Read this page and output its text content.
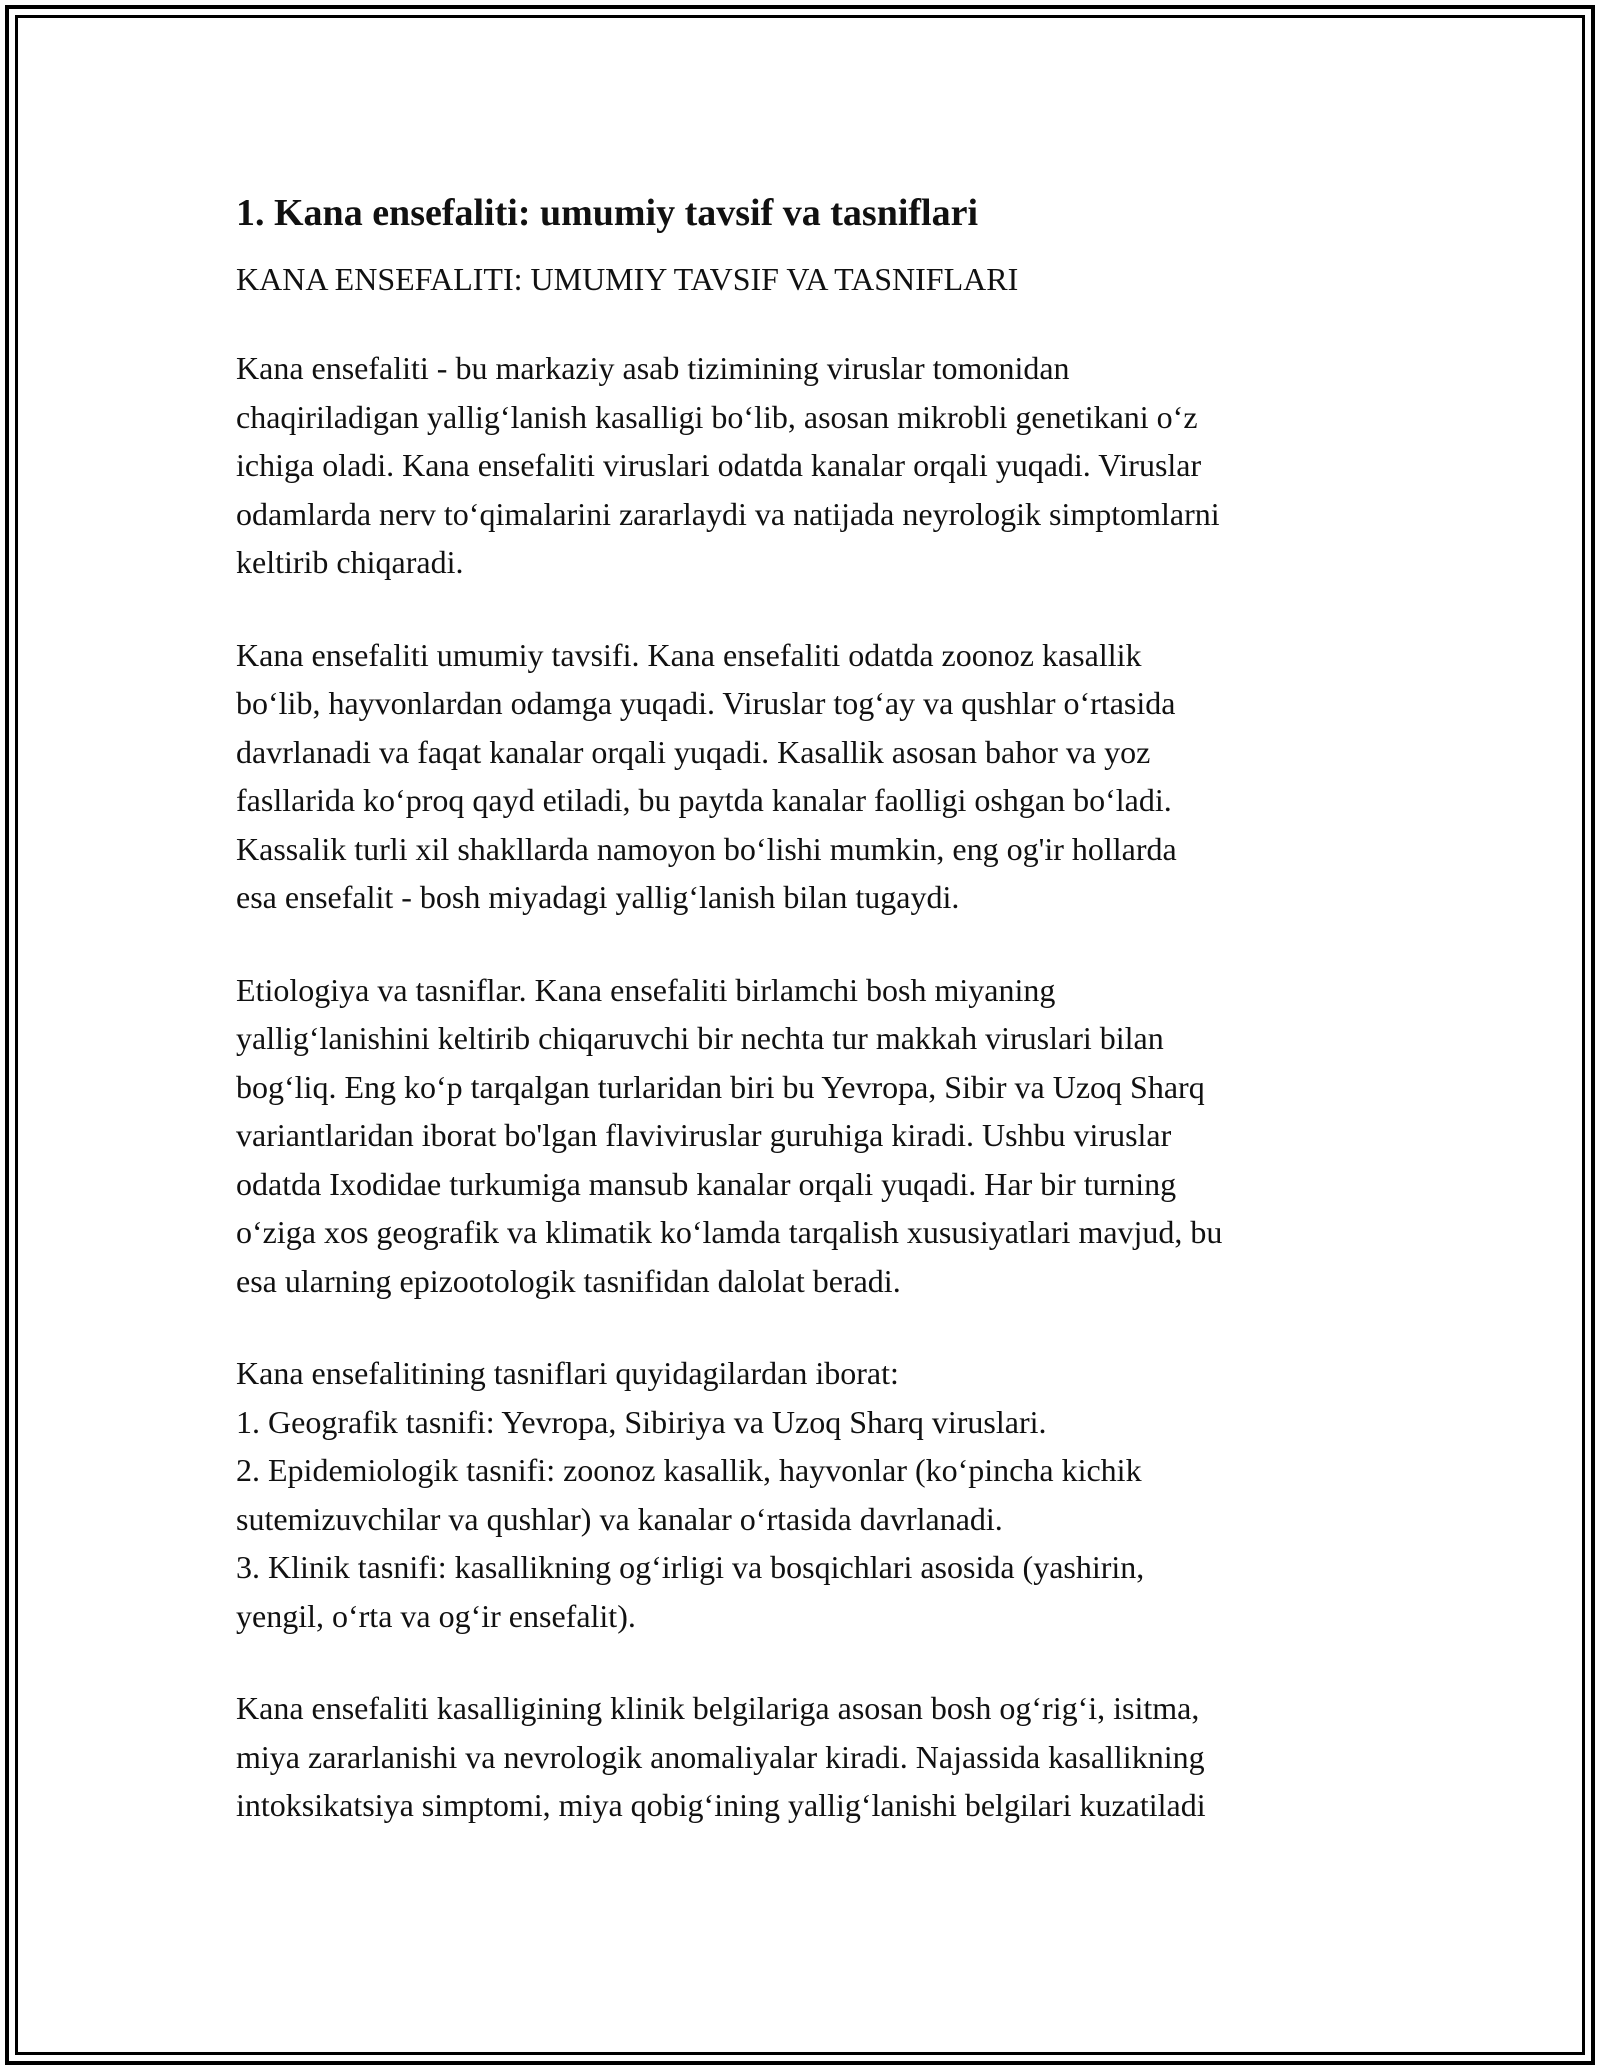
1. Kana ensefaliti: umumiy tavsif va tasniflari

KANA ENSEFALITI: UMUMIY TAVSIF VA TASNIFLARI

Kana ensefaliti - bu markaziy asab tizimining viruslar tomonidan
chaqiriladigan yallig‘lanish kasalligi bo‘lib, asosan mikrobli genetikani o‘z
ichiga oladi. Kana ensefaliti viruslari odatda kanalar orqali yuqadi. Viruslar
odamlarda nerv to‘qimalarini zararlaydi va natijada neyrologik simptomlarni
keltirib chiqaradi.

Kana ensefaliti umumiy tavsifi. Kana ensefaliti odatda zoonoz kasallik
bo‘lib, hayvonlardan odamga yuqadi. Viruslar tog‘ay va qushlar o‘rtasida
davrlanadi va faqat kanalar orqali yuqadi. Kasallik asosan bahor va yoz
fasllarida ko‘proq qayd etiladi, bu paytda kanalar faolligi oshgan bo‘ladi.
Kassalik turli xil shakllarda namoyon bo‘lishi mumkin, eng og'ir hollarda
esa ensefalit - bosh miyadagi yallig‘lanish bilan tugaydi.

Etiologiya va tasniflar. Kana ensefaliti birlamchi bosh miyaning
yallig‘lanishini keltirib chiqaruvchi bir nechta tur makkah viruslari bilan
bog‘liq. Eng ko‘p tarqalgan turlaridan biri bu Yevropa, Sibir va Uzoq Sharq
variantlaridan iborat bo'lgan flaviviruslar guruhiga kiradi. Ushbu viruslar
odatda Ixodidae turkumiga mansub kanalar orqali yuqadi. Har bir turning
o‘ziga xos geografik va klimatik ko‘lamda tarqalish xususiyatlari mavjud, bu
esa ularning epizootologik tasnifidan dalolat beradi.

Kana ensefalitining tasniflari quyidagilardan iborat:
1. Geografik tasnifi: Yevropa, Sibiriya va Uzoq Sharq viruslari.
2. Epidemiologik tasnifi: zoonoz kasallik, hayvonlar (ko‘pincha kichik
sutemizuvchilar va qushlar) va kanalar o‘rtasida davrlanadi.
3. Klinik tasnifi: kasallikning og‘irligi va bosqichlari asosida (yashirin,
yengil, o‘rta va og‘ir ensefalit).

Kana ensefaliti kasalligining klinik belgilariga asosan bosh og‘rig‘i, isitma,
miya zararlanishi va nevrologik anomaliyalar kiradi. Najassida kasallikning
intoksikatsiya simptomi, miya qobig‘ining yallig‘lanishi belgilari kuzatiladi
